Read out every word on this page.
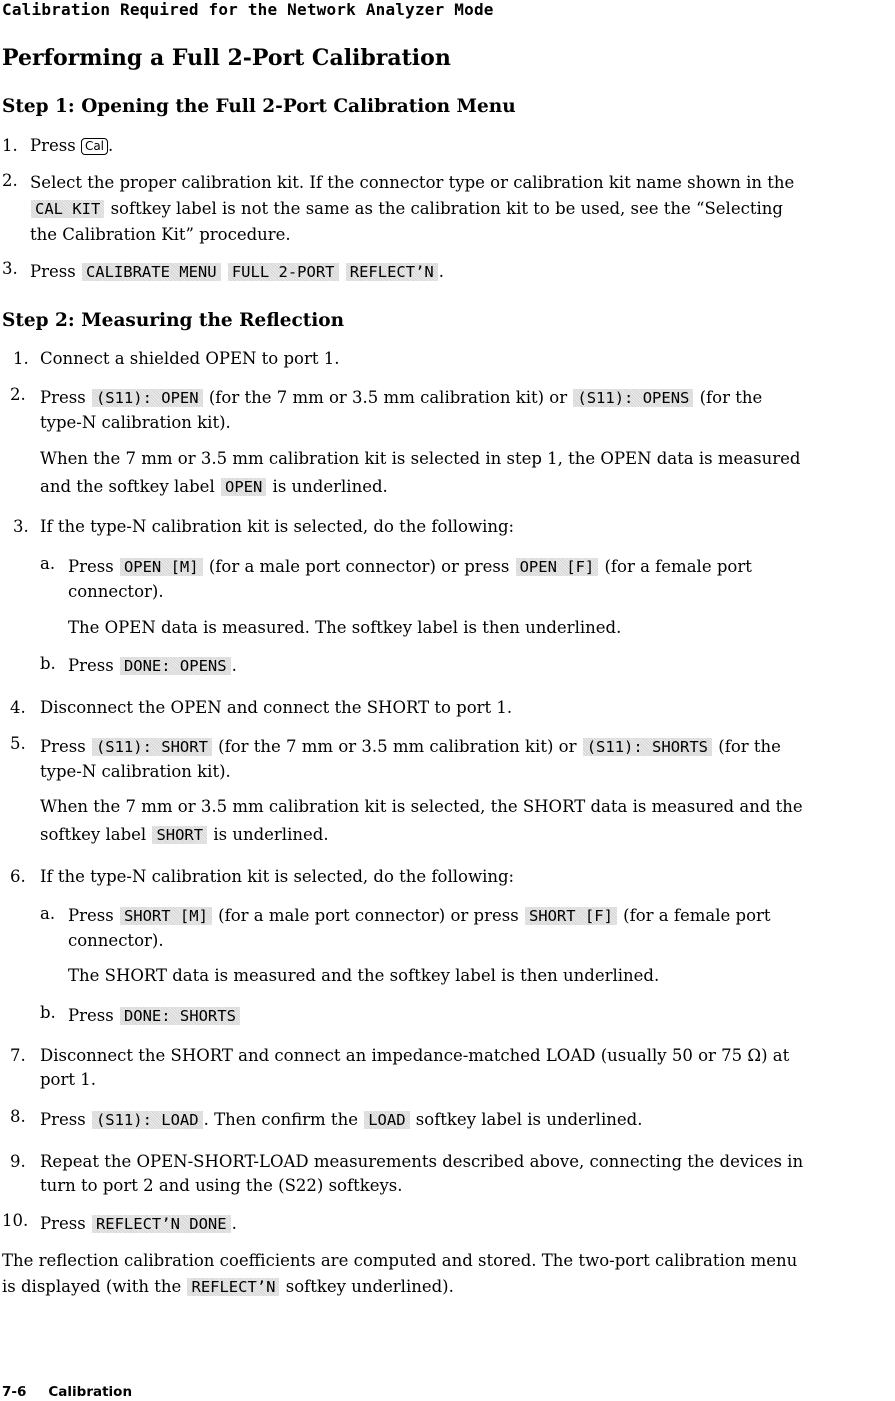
Calibration Required for the Network Analyzer Mode
Performing a Full 2-Port Calibration
Step 1: Opening the Full 2-Port Calibration Menu
1. Press Cal .
2. Select the proper calibration kit. If the connector type or calibration kit name shown in the
CAL KIT softkey label is not the same as the calibration kit to be used, see the “Selecting
the Calibration Kit” procedure.
3. Press CALIBRATE MENU FULL 2-PORT REFLECT’N .
Step 2: Measuring the Reflection
1. Connect a shielded OPEN to port 1.
2. Press (S11): OPEN (for the 7 mm or 3.5 mm calibration kit) or (S11): OPENS (for the
type-N calibration kit).
When the 7 mm or 3.5 mm calibration kit is selected in step 1, the OPEN data is measured
and the softkey label OPEN is underlined.
3. If the type-N calibration kit is selected, do the following:
a. Press OPEN [M] (for a male port connector) or press OPEN [F] (for a female port
connector).
The OPEN data is measured. The softkey label is then underlined.
b. Press DONE: OPENS .
4. Disconnect the OPEN and connect the SHORT to port 1.
5. Press (S11): SHORT (for the 7 mm or 3.5 mm calibration kit) or (S11): SHORTS (for the
type-N calibration kit).
When the 7 mm or 3.5 mm calibration kit is selected, the SHORT data is measured and the
softkey label SHORT is underlined.
6. If the type-N calibration kit is selected, do the following:
a. Press SHORT [M] (for a male port connector) or press SHORT [F] (for a female port
connector).
The SHORT data is measured and the softkey label is then underlined.
b. Press DONE: SHORTS
7. Disconnect the SHORT and connect an impedance-matched LOAD (usually 50 or 75 Ω) at
port 1.
8. Press (S11): LOAD . Then confirm the LOAD softkey label is underlined.
9. Repeat the OPEN-SHORT-LOAD measurements described above, connecting the devices in
turn to port 2 and using the (S22) softkeys.
10. Press REFLECT’N DONE .
The reflection calibration coefficients are computed and stored. The two-port calibration menu
is displayed (with the REFLECT’N softkey underlined).
7-6 Calibration
